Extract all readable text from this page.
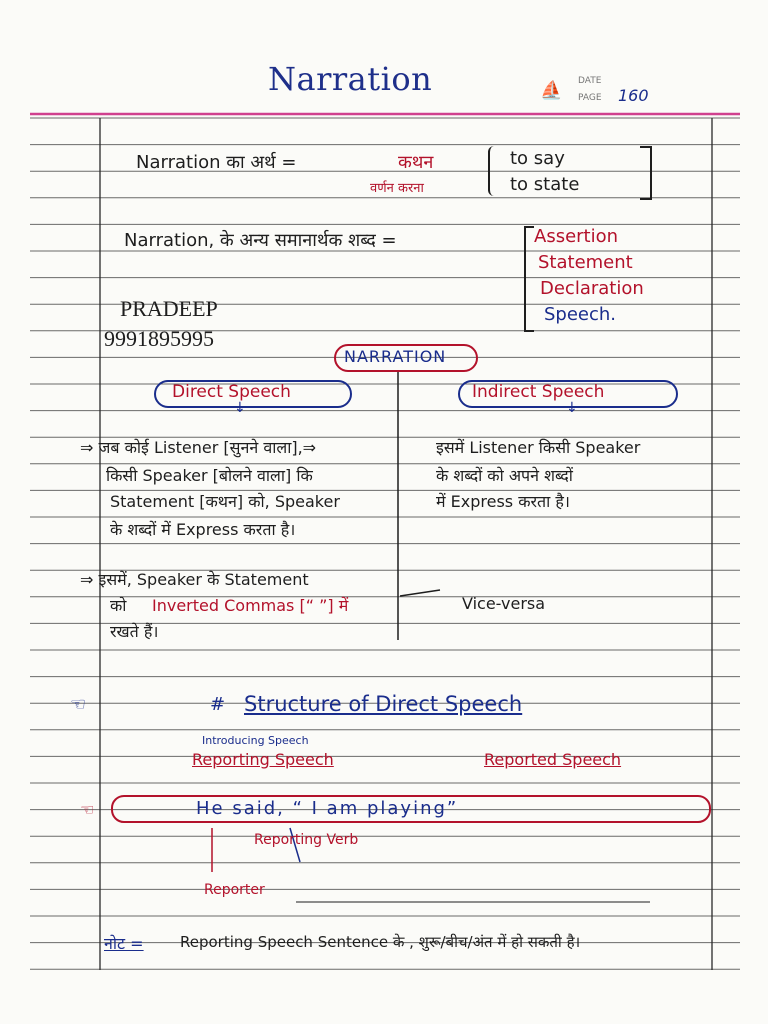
Narration	⛵ DATE
PAGE 160
Narration का अर्थ =	कथन
वर्णन करना
to say
to state
Narration, के अन्य समानार्थक शब्द =	Assertion
Statement
Declaration
Speech.
PRADEEP
9991895995
NARRATION
Direct Speech	Indirect Speech
↓	↓
⇒ जब कोई Listener [सुनने वाला],⇒
किसी Speaker [बोलने वाला] कि
Statement [कथन] को, Speaker
के शब्दों में Express करता है।
⇒ इसमें, Speaker के Statement
को Inverted Commas [“ ”] में
रखते हैं।
इसमें Listener किसी Speaker
के शब्दों को अपने शब्दों
में Express करता है।
Vice-versa
☜	# Structure of Direct Speech
Introducing Speech
Reporting Speech	Reported Speech
☜	He said, “ I am playing”
Reporting Verb
Reporter
नोट = Reporting Speech Sentence के , शुरू/बीच/अंत में हो सकती है।
